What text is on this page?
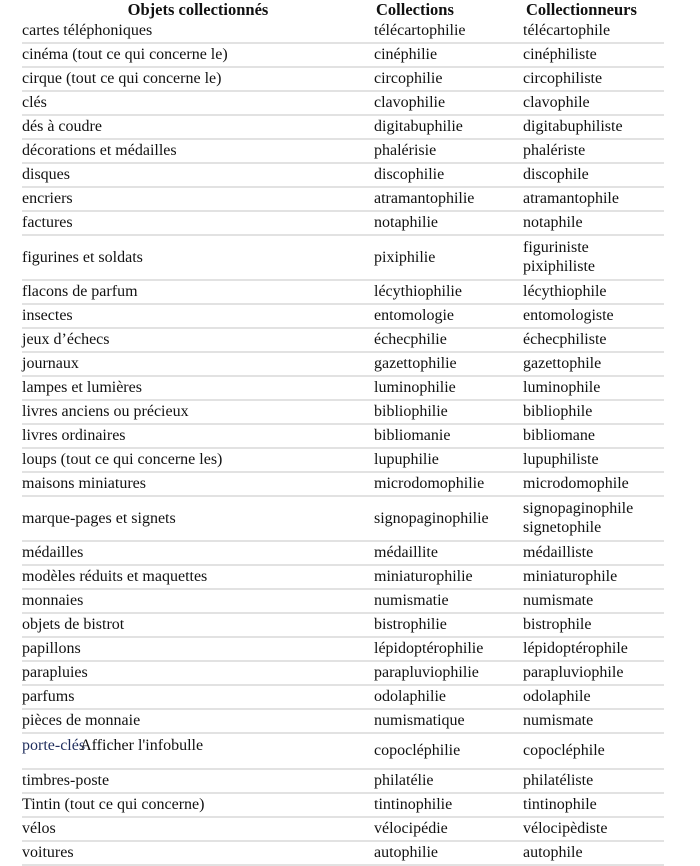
Objets collectionnés	Collections	Collectionneurs
cartes téléphoniques	télécartophilie	télécartophile
cinéma (tout ce qui concerne le)	cinéphilie	cinéphiliste
cirque (tout ce qui concerne le)	circophilie	circophiliste
clés	clavophilie	clavophile
dés à coudre	digitabuphilie	digitabuphiliste
décorations et médailles	phalérisie	phalériste
disques	discophilie	discophile
encriers	atramantophilie	atramantophile
factures	notaphilie	notaphile
figurines et soldats	pixiphilie	figuriniste
pixiphiliste

flacons de parfum	lécythiophilie	lécythiophile
insectes	entomologie	entomologiste
jeux d’échecs	échecphilie	échecphiliste
journaux	gazettophilie	gazettophile
lampes et lumières	luminophilie	luminophile
livres anciens ou précieux	bibliophilie	bibliophile
livres ordinaires	bibliomanie	bibliomane
loups (tout ce qui concerne les)	lupuphilie	lupuphiliste
maisons miniatures	microdomophilie	microdomophile
marque-pages et signets	signopaginophilie	signopaginophile
signetophile

médailles	médaillite	médailliste
modèles réduits et maquettes	miniaturophilie	miniaturophile
monnaies	numismatie	numismate
objets de bistrot	bistrophilie	bistrophile
papillons	lépidoptérophilie	lépidoptérophile
parapluies	parapluviophilie	parapluviophile
parfums	odolaphilie	odolaphile
pièces de monnaie	numismatique	numismate
porte-clésAfficher l'infobulle	copocléphilie	copocléphile
timbres-poste	philatélie	philatéliste
Tintin (tout ce qui concerne)	tintinophilie	tintinophile
vélos	vélocipédie	vélocipèdiste
voitures	autophilie	autophile
